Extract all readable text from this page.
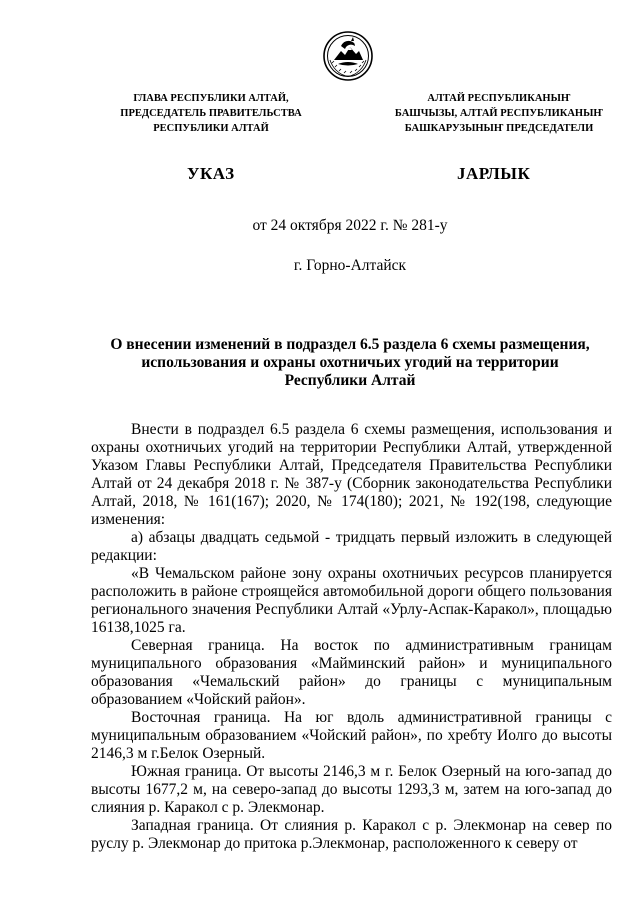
ГЛАВА РЕСПУБЛИКИ АЛТАЙ,
ПРЕДСЕДАТЕЛЬ ПРАВИТЕЛЬСТВА
РЕСПУБЛИКИ АЛТАЙ
АЛТАЙ РЕСПУБЛИКАНЫҤ
БАШЧЫЗЫ, АЛТАЙ РЕСПУБЛИКАНЫҤ
БАШКАРУЗЫНЫҤ ПРЕДСЕДАТЕЛИ
УКАЗ	JАРЛЫК
от 24 октября 2022 г. № 281-у
г. Горно-Алтайск
О внесении изменений в подраздел 6.5 раздела 6 схемы размещения, использования и охраны охотничьих угодий на территории Республики Алтай

Внести в подраздел 6.5 раздела 6 схемы размещения, использования и охраны охотничьих угодий на территории Республики Алтай, утвержденной Указом Главы Республики Алтай, Председателя Правительства Республики Алтай от 24 декабря 2018 г. № 387-у (Сборник законодательства Республики Алтай, 2018, № 161(167); 2020, № 174(180); 2021, № 192(198, следующие изменения:

а) абзацы двадцать седьмой - тридцать первый изложить в следующей редакции:

«В Чемальском районе зону охраны охотничьих ресурсов планируется расположить в районе строящейся автомобильной дороги общего пользования регионального значения Республики Алтай «Урлу-Аспак-Каракол», площадью 16138,1025 га.

Северная граница. На восток по административным границам муниципального образования «Майминский район» и муниципального образования «Чемальский район» до границы с муниципальным образованием «Чойский район».

Восточная граница. На юг вдоль административной границы с муниципальным образованием «Чойский район», по хребту Иолго до высоты 2146,3 м г.Белок Озерный.

Южная граница. От высоты 2146,3 м г. Белок Озерный на юго-запад до высоты 1677,2 м, на северо-запад до высоты 1293,3 м, затем на юго-запад до слияния р. Каракол с р. Элекмонар.

Западная граница. От слияния р. Каракол с р. Элекмонар на север по руслу р. Элекмонар до притока р.Элекмонар, расположенного к северу от
